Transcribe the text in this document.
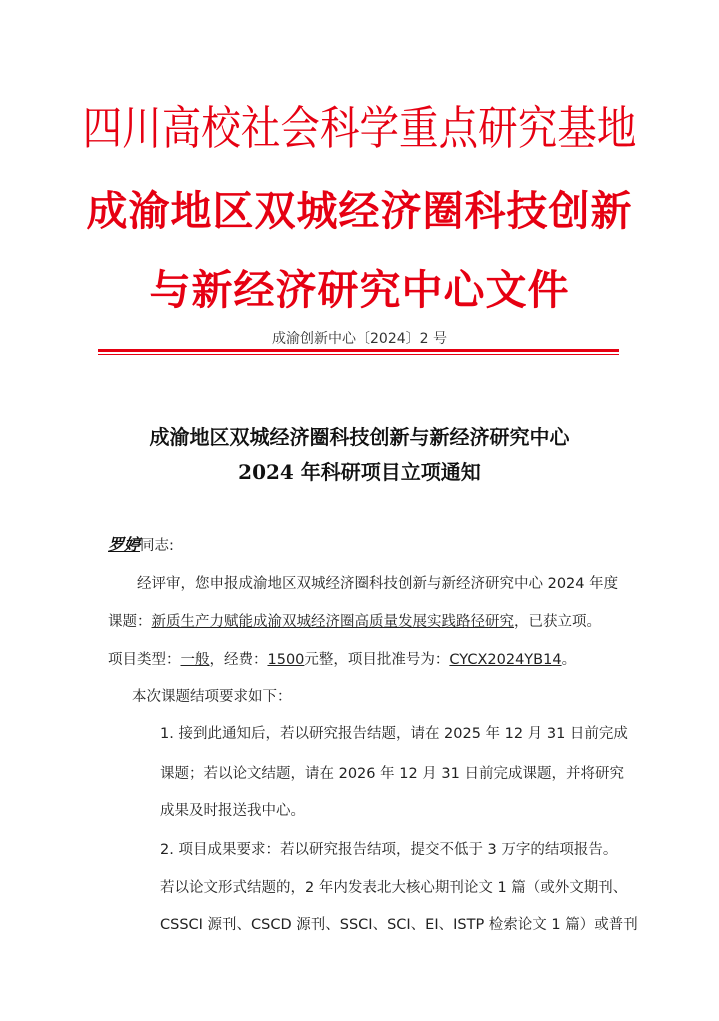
四川高校社会科学重点研究基地
成渝地区双城经济圈科技创新
与新经济研究中心文件
成渝创新中心〔2024〕2 号
成渝地区双城经济圈科技创新与新经济研究中心
2024 年科研项目立项通知
罗婷同志:
经评审，您申报成渝地区双城经济圈科技创新与新经济研究中心 2024 年度
课题：新质生产力赋能成渝双城经济圈高质量发展实践路径研究，已获立项。
项目类型：一般，经费：1500元整，项目批准号为：CYCX2024YB14。
本次课题结项要求如下：
1. 接到此通知后，若以研究报告结题，请在 2025 年 12 月 31 日前完成
课题；若以论文结题，请在 2026 年 12 月 31 日前完成课题，并将研究
成果及时报送我中心。
2. 项目成果要求：若以研究报告结项，提交不低于 3 万字的结项报告。
若以论文形式结题的，2 年内发表北大核心期刊论文 1 篇（或外文期刊、
CSSCI 源刊、CSCD 源刊、SSCI、SCI、EI、ISTP 检索论文 1 篇）或普刊
